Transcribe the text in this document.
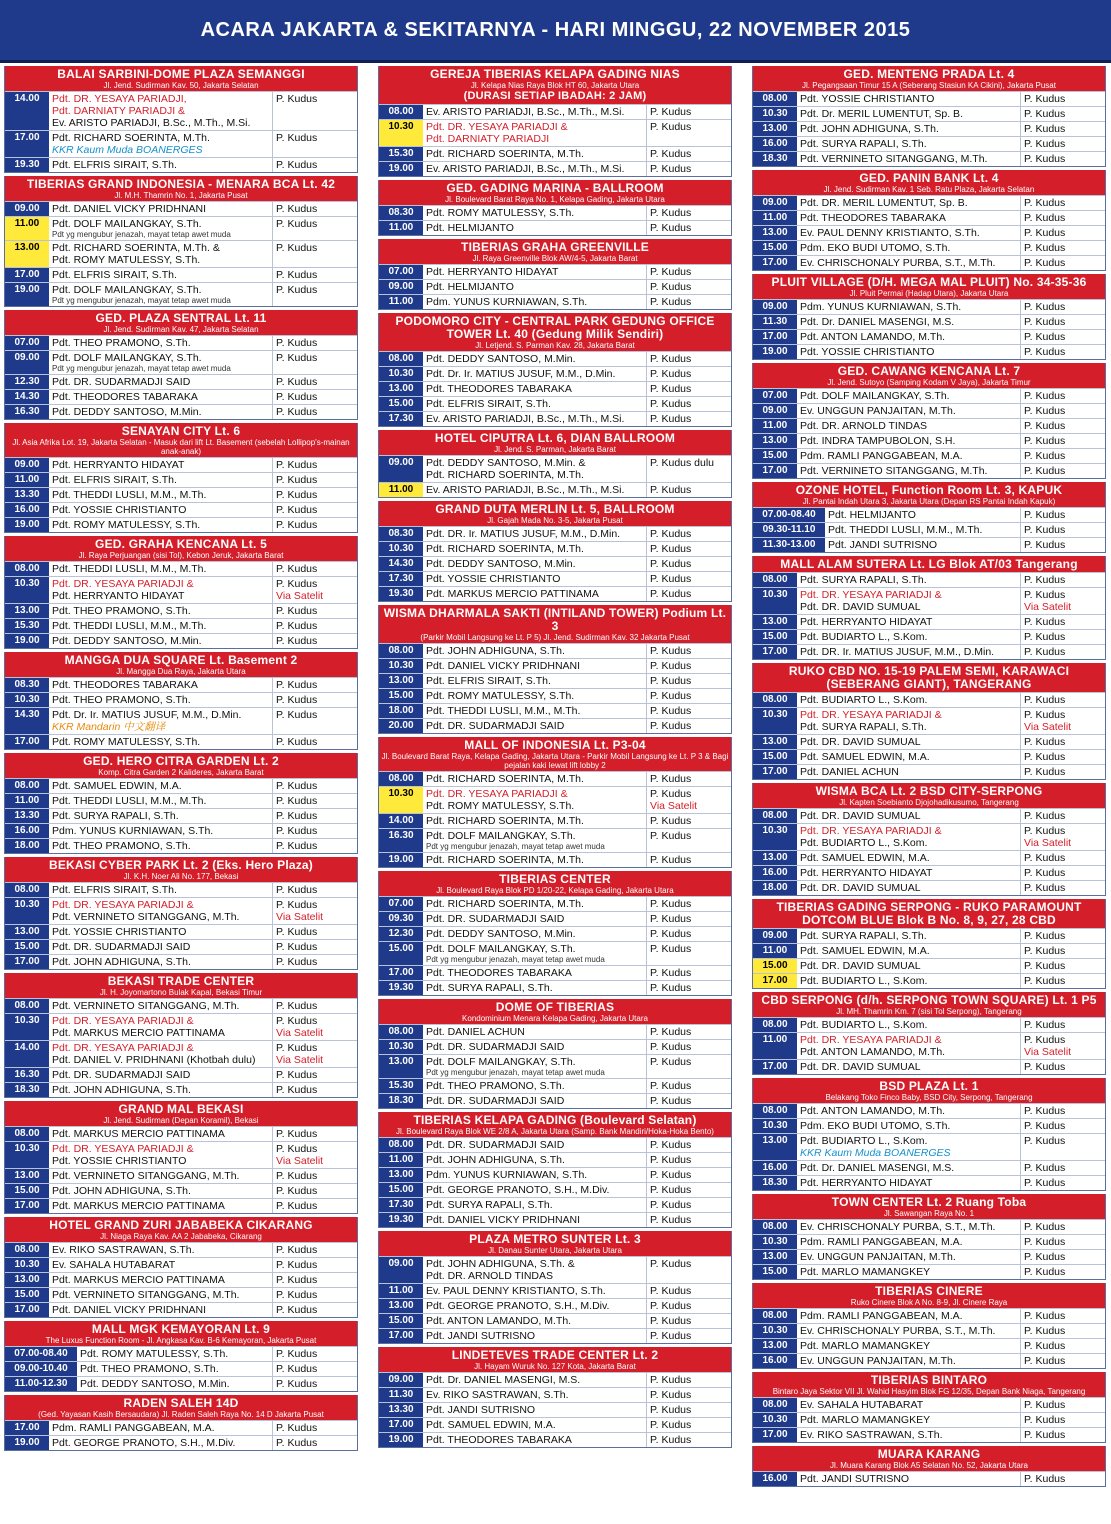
ACARA JAKARTA & SEKITARNYA - HARI MINGGU, 22 NOVEMBER 2015
BALAI SARBINI-DOME PLAZA SEMANGGI
Jl. Jend. Sudirman Kav. 50, Jakarta Selatan
14.00	Pdt. DR. YESAYA PARIADJI,
Pdt. DARNIATY PARIADJI &
Ev. ARISTO PARIADJI, B.Sc., M.Th., M.Si.
P. Kudus
17.00	Pdt. RICHARD SOERINTA, M.Th.
KKR Kaum Muda BOANERGES
P. Kudus
19.30	Pdt. ELFRIS SIRAIT, S.Th.	P. Kudus
TIBERIAS GRAND INDONESIA - MENARA BCA Lt. 42
Jl. M.H. Thamrin No. 1, Jakarta Pusat
09.00	Pdt. DANIEL VICKY PRIDHNANI	P. Kudus
11.00	Pdt. DOLF MAILANGKAY, S.Th.

Pdt yg mengubur jenazah, mayat tetap awet muda
P. Kudus
13.00	Pdt. RICHARD SOERINTA, M.Th. &
Pdt. ROMY MATULESSY, S.Th.
P. Kudus
17.00	Pdt. ELFRIS SIRAIT, S.Th.	P. Kudus
19.00	Pdt. DOLF MAILANGKAY, S.Th.

Pdt yg mengubur jenazah, mayat tetap awet muda
P. Kudus
GED. PLAZA SENTRAL Lt. 11
Jl. Jend. Sudirman Kav. 47, Jakarta Selatan
07.00	Pdt. THEO PRAMONO, S.Th.	P. Kudus
09.00	Pdt. DOLF MAILANGKAY, S.Th.

Pdt yg mengubur jenazah, mayat tetap awet muda
P. Kudus
12.30	Pdt. DR. SUDARMADJI SAID	P. Kudus
14.30	Pdt. THEODORES TABARAKA	P. Kudus
16.30	Pdt. DEDDY SANTOSO, M.Min.	P. Kudus
SENAYAN CITY Lt. 6
Jl. Asia Afrika Lot. 19, Jakarta Selatan - Masuk dari lift Lt. Basement (sebelah Lollipop's-mainan anak-anak)
09.00	Pdt. HERRYANTO HIDAYAT	P. Kudus
11.00	Pdt. ELFRIS SIRAIT, S.Th.	P. Kudus
13.30	Pdt. THEDDI LUSLI, M.M., M.Th.	P. Kudus
16.00	Pdt. YOSSIE CHRISTIANTO	P. Kudus
19.00	Pdt. ROMY MATULESSY, S.Th.	P. Kudus
GED. GRAHA KENCANA Lt. 5
Jl. Raya Perjuangan (sisi Tol), Kebon Jeruk, Jakarta Barat
08.00	Pdt. THEDDI LUSLI, M.M., M.Th.	P. Kudus
10.30	Pdt. DR. YESAYA PARIADJI &
Pdt. HERRYANTO HIDAYAT
P. Kudus
Via Satelit
13.00	Pdt. THEO PRAMONO, S.Th.	P. Kudus
15.30	Pdt. THEDDI LUSLI, M.M., M.Th.	P. Kudus
19.00	Pdt. DEDDY SANTOSO, M.Min.	P. Kudus
MANGGA DUA SQUARE Lt. Basement 2
Jl. Mangga Dua Raya, Jakarta Utara
08.30	Pdt. THEODORES TABARAKA	P. Kudus
10.30	Pdt. THEO PRAMONO, S.Th.	P. Kudus
14.30	Pdt. Dr. Ir. MATIUS JUSUF, M.M., D.Min.
KKR Mandarin 中文翻译
P. Kudus
17.00	Pdt. ROMY MATULESSY, S.Th.	P. Kudus
GED. HERO CITRA GARDEN Lt. 2
Komp. Citra Garden 2 Kalideres, Jakarta Barat
08.00	Pdt. SAMUEL EDWIN, M.A.	P. Kudus
11.00	Pdt. THEDDI LUSLI, M.M., M.Th.	P. Kudus
13.30	Pdt. SURYA RAPALI, S.Th.	P. Kudus
16.00	Pdm. YUNUS KURNIAWAN, S.Th.	P. Kudus
18.00	Pdt. THEO PRAMONO, S.Th.	P. Kudus
BEKASI CYBER PARK Lt. 2 (Eks. Hero Plaza)
Jl. K.H. Noer Ali No. 177, Bekasi
08.00	Pdt. ELFRIS SIRAIT, S.Th.	P. Kudus
10.30	Pdt. DR. YESAYA PARIADJI &
Pdt. VERNINETO SITANGGANG, M.Th.
P. Kudus
Via Satelit
13.00	Pdt. YOSSIE CHRISTIANTO	P. Kudus
15.00	Pdt. DR. SUDARMADJI SAID	P. Kudus
17.00	Pdt. JOHN ADHIGUNA, S.Th.	P. Kudus
BEKASI TRADE CENTER
Jl. H. Joyomartono Bulak Kapal, Bekasi Timur
08.00	Pdt. VERNINETO SITANGGANG, M.Th.	P. Kudus
10.30	Pdt. DR. YESAYA PARIADJI &
Pdt. MARKUS MERCIO PATTINAMA
P. Kudus
Via Satelit
14.00	Pdt. DR. YESAYA PARIADJI &
Pdt. DANIEL V. PRIDHNANI (Khotbah dulu)
P. Kudus
Via Satelit
16.30	Pdt. DR. SUDARMADJI SAID	P. Kudus
18.30	Pdt. JOHN ADHIGUNA, S.Th.	P. Kudus
GRAND MAL BEKASI
Jl. Jend. Sudirman (Depan Koramil), Bekasi
08.00	Pdt. MARKUS MERCIO PATTINAMA	P. Kudus
10.30	Pdt. DR. YESAYA PARIADJI &
Pdt. YOSSIE CHRISTIANTO
P. Kudus
Via Satelit
13.00	Pdt. VERNINETO SITANGGANG, M.Th.	P. Kudus
15.00	Pdt. JOHN ADHIGUNA, S.Th.	P. Kudus
17.00	Pdt. MARKUS MERCIO PATTINAMA	P. Kudus
HOTEL GRAND ZURI JABABEKA CIKARANG
Jl. Niaga Raya Kav. AA 2 Jababeka, Cikarang
08.00	Ev. RIKO SASTRAWAN, S.Th.	P. Kudus
10.30	Ev. SAHALA HUTABARAT	P. Kudus
13.00	Pdt. MARKUS MERCIO PATTINAMA	P. Kudus
15.00	Pdt. VERNINETO SITANGGANG, M.Th.	P. Kudus
17.00	Pdt. DANIEL VICKY PRIDHNANI	P. Kudus
MALL MGK KEMAYORAN Lt. 9
The Luxus Function Room - Jl. Angkasa Kav. B-6 Kemayoran, Jakarta Pusat
07.00-08.40	Pdt. ROMY MATULESSY, S.Th.	P. Kudus
09.00-10.40	Pdt. THEO PRAMONO, S.Th.	P. Kudus
11.00-12.30	Pdt. DEDDY SANTOSO, M.Min.	P. Kudus
RADEN SALEH 14D
(Ged. Yayasan Kasih Bersaudara) Jl. Raden Saleh Raya No. 14 D Jakarta Pusat
17.00	Pdm. RAMLI PANGGABEAN, M.A.	P. Kudus
19.00	Pdt. GEORGE PRANOTO, S.H., M.Div.	P. Kudus
GEREJA TIBERIAS KELAPA GADING NIAS
Jl. Kelapa Nias Raya Blok HT 60, Jakarta Utara
(DURASI SETIAP IBADAH: 2 JAM)
08.00	Ev. ARISTO PARIADJI, B.Sc., M.Th., M.Si.	P. Kudus
10.30	Pdt. DR. YESAYA PARIADJI &
Pdt. DARNIATY PARIADJI
P. Kudus
15.30	Pdt. RICHARD SOERINTA, M.Th.	P. Kudus
19.00	Ev. ARISTO PARIADJI, B.Sc., M.Th., M.Si.	P. Kudus
GED. GADING MARINA - BALLROOM
Jl. Boulevard Barat Raya No. 1, Kelapa Gading, Jakarta Utara
08.30	Pdt. ROMY MATULESSY, S.Th.	P. Kudus
11.00	Pdt. HELMIJANTO	P. Kudus
TIBERIAS GRAHA GREENVILLE
Jl. Raya Greenville Blok AW/4-5, Jakarta Barat
07.00	Pdt. HERRYANTO HIDAYAT	P. Kudus
09.00	Pdt. HELMIJANTO	P. Kudus
11.00	Pdm. YUNUS KURNIAWAN, S.Th.	P. Kudus
PODOMORO CITY - CENTRAL PARK GEDUNG OFFICE TOWER Lt. 40 (Gedung Milik Sendiri)
Jl. Letjend. S. Parman Kav. 28, Jakarta Barat
08.00	Pdt. DEDDY SANTOSO, M.Min.	P. Kudus
10.30	Pdt. Dr. Ir. MATIUS JUSUF, M.M., D.Min.	P. Kudus
13.00	Pdt. THEODORES TABARAKA	P. Kudus
15.00	Pdt. ELFRIS SIRAIT, S.Th.	P. Kudus
17.30	Ev. ARISTO PARIADJI, B.Sc., M.Th., M.Si.	P. Kudus
HOTEL CIPUTRA Lt. 6, DIAN BALLROOM
Jl. Jend. S. Parman, Jakarta Barat
09.00	Pdt. DEDDY SANTOSO, M.Min. &
Pdt. RICHARD SOERINTA, M.Th.
P. Kudus dulu
11.00	Ev. ARISTO PARIADJI, B.Sc., M.Th., M.Si.	P. Kudus
GRAND DUTA MERLIN Lt. 5, BALLROOM
Jl. Gajah Mada No. 3-5, Jakarta Pusat
08.30	Pdt. DR. Ir. MATIUS JUSUF, M.M., D.Min.	P. Kudus
10.30	Pdt. RICHARD SOERINTA, M.Th.	P. Kudus
14.30	Pdt. DEDDY SANTOSO, M.Min.	P. Kudus
17.30	Pdt. YOSSIE CHRISTIANTO	P. Kudus
19.30	Pdt. MARKUS MERCIO PATTINAMA	P. Kudus
WISMA DHARMALA SAKTI (INTILAND TOWER) Podium Lt. 3
(Parkir Mobil Langsung ke Lt. P 5) Jl. Jend. Sudirman Kav. 32 Jakarta Pusat
08.00	Pdt. JOHN ADHIGUNA, S.Th.	P. Kudus
10.30	Pdt. DANIEL VICKY PRIDHNANI	P. Kudus
13.00	Pdt. ELFRIS SIRAIT, S.Th.	P. Kudus
15.00	Pdt. ROMY MATULESSY, S.Th.	P. Kudus
18.00	Pdt. THEDDI LUSLI, M.M., M.Th.	P. Kudus
20.00	Pdt. DR. SUDARMADJI SAID	P. Kudus
MALL OF INDONESIA Lt. P3-04
Jl. Boulevard Barat Raya, Kelapa Gading, Jakarta Utara - Parkir Mobil Langsung ke Lt. P 3 & Bagi pejalan kaki lewat lift lobby 2
08.00	Pdt. RICHARD SOERINTA, M.Th.	P. Kudus
10.30	Pdt. DR. YESAYA PARIADJI &
Pdt. ROMY MATULESSY, S.Th.
P. Kudus
Via Satelit
14.00	Pdt. RICHARD SOERINTA, M.Th.	P. Kudus
16.30	Pdt. DOLF MAILANGKAY, S.Th.

Pdt yg mengubur jenazah, mayat tetap awet muda
P. Kudus
19.00	Pdt. RICHARD SOERINTA, M.Th.	P. Kudus
TIBERIAS CENTER
Jl. Boulevard Raya Blok PD 1/20-22, Kelapa Gading, Jakarta Utara
07.00	Pdt. RICHARD SOERINTA, M.Th.	P. Kudus
09.30	Pdt. DR. SUDARMADJI SAID	P. Kudus
12.30	Pdt. DEDDY SANTOSO, M.Min.	P. Kudus
15.00	Pdt. DOLF MAILANGKAY, S.Th.

Pdt yg mengubur jenazah, mayat tetap awet muda
P. Kudus
17.00	Pdt. THEODORES TABARAKA	P. Kudus
19.30	Pdt. SURYA RAPALI, S.Th.	P. Kudus
DOME OF TIBERIAS
Kondominium Menara Kelapa Gading, Jakarta Utara
08.00	Pdt. DANIEL ACHUN	P. Kudus
10.30	Pdt. DR. SUDARMADJI SAID	P. Kudus
13.00	Pdt. DOLF MAILANGKAY, S.Th.

Pdt yg mengubur jenazah, mayat tetap awet muda
P. Kudus
15.30	Pdt. THEO PRAMONO, S.Th.	P. Kudus
18.30	Pdt. DR. SUDARMADJI SAID	P. Kudus
TIBERIAS KELAPA GADING (Boulevard Selatan)
Jl. Boulevard Raya Blok WE 2/8 A, Jakarta Utara (Samp. Bank Mandiri/Hoka-Hoka Bento)
08.00	Pdt. DR. SUDARMADJI SAID	P. Kudus
11.00	Pdt. JOHN ADHIGUNA, S.Th.	P. Kudus
13.00	Pdm. YUNUS KURNIAWAN, S.Th.	P. Kudus
15.00	Pdt. GEORGE PRANOTO, S.H., M.Div.	P. Kudus
17.30	Pdt. SURYA RAPALI, S.Th.	P. Kudus
19.30	Pdt. DANIEL VICKY PRIDHNANI	P. Kudus
PLAZA METRO SUNTER Lt. 3
Jl. Danau Sunter Utara, Jakarta Utara
09.00	Pdt. JOHN ADHIGUNA, S.Th. &
Pdt. DR. ARNOLD TINDAS
P. Kudus
11.00	Ev. PAUL DENNY KRISTIANTO, S.Th.	P. Kudus
13.00	Pdt. GEORGE PRANOTO, S.H., M.Div.	P. Kudus
15.00	Pdt. ANTON LAMANDO, M.Th.	P. Kudus
17.00	Pdt. JANDI SUTRISNO	P. Kudus
LINDETEVES TRADE CENTER Lt. 2
Jl. Hayam Wuruk No. 127 Kota, Jakarta Barat
09.00	Pdt. Dr. DANIEL MASENGI, M.S.	P. Kudus
11.30	Ev. RIKO SASTRAWAN, S.Th.	P. Kudus
13.30	Pdt. JANDI SUTRISNO	P. Kudus
17.00	Pdt. SAMUEL EDWIN, M.A.	P. Kudus
19.00	Pdt. THEODORES TABARAKA	P. Kudus
GED. MENTENG PRADA Lt. 4
Jl. Pegangsaan Timur 15 A (Seberang Stasiun KA Cikini), Jakarta Pusat
08.00	Pdt. YOSSIE CHRISTIANTO	P. Kudus
10.30	Pdt. Dr. MERIL LUMENTUT, Sp. B.	P. Kudus
13.00	Pdt. JOHN ADHIGUNA, S.Th.	P. Kudus
16.00	Pdt. SURYA RAPALI, S.Th.	P. Kudus
18.30	Pdt. VERNINETO SITANGGANG, M.Th.	P. Kudus
GED. PANIN BANK Lt. 4
Jl. Jend. Sudirman Kav. 1 Seb. Ratu Plaza, Jakarta Selatan
09.00	Pdt. DR. MERIL LUMENTUT, Sp. B.	P. Kudus
11.00	Pdt. THEODORES TABARAKA	P. Kudus
13.00	Ev. PAUL DENNY KRISTIANTO, S.Th.	P. Kudus
15.00	Pdm. EKO BUDI UTOMO, S.Th.	P. Kudus
17.00	Ev. CHRISCHONALY PURBA, S.T., M.Th.	P. Kudus
PLUIT VILLAGE (D/H. MEGA MAL PLUIT) No. 34-35-36
Jl. Pluit Permai (Hadap Utara), Jakarta Utara
09.00	Pdm. YUNUS KURNIAWAN, S.Th.	P. Kudus
11.30	Pdt. Dr. DANIEL MASENGI, M.S.	P. Kudus
17.00	Pdt. ANTON LAMANDO, M.Th.	P. Kudus
19.00	Pdt. YOSSIE CHRISTIANTO	P. Kudus
GED. CAWANG KENCANA Lt. 7
Jl. Jend. Sutoyo (Samping Kodam V Jaya), Jakarta Timur
07.00	Pdt. DOLF MAILANGKAY, S.Th.	P. Kudus
09.00	Ev. UNGGUN PANJAITAN, M.Th.	P. Kudus
11.00	Pdt. DR. ARNOLD TINDAS	P. Kudus
13.00	Pdt. INDRA TAMPUBOLON, S.H.	P. Kudus
15.00	Pdm. RAMLI PANGGABEAN, M.A.	P. Kudus
17.00	Pdt. VERNINETO SITANGGANG, M.Th.	P. Kudus
OZONE HOTEL, Function Room Lt. 3, KAPUK
Jl. Pantai Indah Utara 3, Jakarta Utara (Depan RS Pantai Indah Kapuk)
07.00-08.40	Pdt. HELMIJANTO	P. Kudus
09.30-11.10	Pdt. THEDDI LUSLI, M.M., M.Th.	P. Kudus
11.30-13.00	Pdt. JANDI SUTRISNO	P. Kudus
MALL ALAM SUTERA Lt. LG Blok AT/03 Tangerang
08.00	Pdt. SURYA RAPALI, S.Th.	P. Kudus
10.30	Pdt. DR. YESAYA PARIADJI &
Pdt. DR. DAVID SUMUAL
P. Kudus
Via Satelit
13.00	Pdt. HERRYANTO HIDAYAT	P. Kudus
15.00	Pdt. BUDIARTO L., S.Kom.	P. Kudus
17.00	Pdt. DR. Ir. MATIUS JUSUF, M.M., D.Min.	P. Kudus
RUKO CBD NO. 15-19 PALEM SEMI, KARAWACI (SEBERANG GIANT), TANGERANG
08.00	Pdt. BUDIARTO L., S.Kom.	P. Kudus
10.30	Pdt. DR. YESAYA PARIADJI &
Pdt. SURYA RAPALI, S.Th.
P. Kudus
Via Satelit
13.00	Pdt. DR. DAVID SUMUAL	P. Kudus
15.00	Pdt. SAMUEL EDWIN, M.A.	P. Kudus
17.00	Pdt. DANIEL ACHUN	P. Kudus
WISMA BCA Lt. 2 BSD CITY-SERPONG
Jl. Kapten Soebianto Djojohadikusumo, Tangerang
08.00	Pdt. DR. DAVID SUMUAL	P. Kudus
10.30	Pdt. DR. YESAYA PARIADJI &
Pdt. BUDIARTO L., S.Kom.
P. Kudus
Via Satelit
13.00	Pdt. SAMUEL EDWIN, M.A.	P. Kudus
16.00	Pdt. HERRYANTO HIDAYAT	P. Kudus
18.00	Pdt. DR. DAVID SUMUAL	P. Kudus
TIBERIAS GADING SERPONG - RUKO PARAMOUNT DOTCOM BLUE Blok B No. 8, 9, 27, 28 CBD
09.00	Pdt. SURYA RAPALI, S.Th.	P. Kudus
11.00	Pdt. SAMUEL EDWIN, M.A.	P. Kudus
15.00	Pdt. DR. DAVID SUMUAL	P. Kudus
17.00	Pdt. BUDIARTO L., S.Kom.	P. Kudus
CBD SERPONG (d/h. SERPONG TOWN SQUARE) Lt. 1 P5
Jl. MH. Thamrin Km. 7 (sisi Tol Serpong), Tangerang
08.00	Pdt. BUDIARTO L., S.Kom.	P. Kudus
11.00	Pdt. DR. YESAYA PARIADJI &
Pdt. ANTON LAMANDO, M.Th.
P. Kudus
Via Satelit
17.00	Pdt. DR. DAVID SUMUAL	P. Kudus
BSD PLAZA Lt. 1
Belakang Toko Finco Baby, BSD City, Serpong, Tangerang
08.00	Pdt. ANTON LAMANDO, M.Th.	P. Kudus
10.30	Pdm. EKO BUDI UTOMO, S.Th.	P. Kudus
13.00	Pdt. BUDIARTO L., S.Kom.
KKR Kaum Muda BOANERGES
P. Kudus
16.00	Pdt. Dr. DANIEL MASENGI, M.S.	P. Kudus
18.30	Pdt. HERRYANTO HIDAYAT	P. Kudus
TOWN CENTER Lt. 2 Ruang Toba
Jl. Sawangan Raya No. 1
08.00	Ev. CHRISCHONALY PURBA, S.T., M.Th.	P. Kudus
10.30	Pdm. RAMLI PANGGABEAN, M.A.	P. Kudus
13.00	Ev. UNGGUN PANJAITAN, M.Th.	P. Kudus
15.00	Pdt. MARLO MAMANGKEY	P. Kudus
TIBERIAS CINERE
Ruko Cinere Blok A No. 8-9, Jl. Cinere Raya
08.00	Pdm. RAMLI PANGGABEAN, M.A.	P. Kudus
10.30	Ev. CHRISCHONALY PURBA, S.T., M.Th.	P. Kudus
13.00	Pdt. MARLO MAMANGKEY	P. Kudus
16.00	Ev. UNGGUN PANJAITAN, M.Th.	P. Kudus
TIBERIAS BINTARO
Bintaro Jaya Sektor VII Jl. Wahid Hasyim Blok FG 12/35, Depan Bank Niaga, Tangerang
08.00	Ev. SAHALA HUTABARAT	P. Kudus
10.30	Pdt. MARLO MAMANGKEY	P. Kudus
17.00	Ev. RIKO SASTRAWAN, S.Th.	P. Kudus
MUARA KARANG
Jl. Muara Karang Blok A5 Selatan No. 52, Jakarta Utara
16.00	Pdt. JANDI SUTRISNO	P. Kudus
